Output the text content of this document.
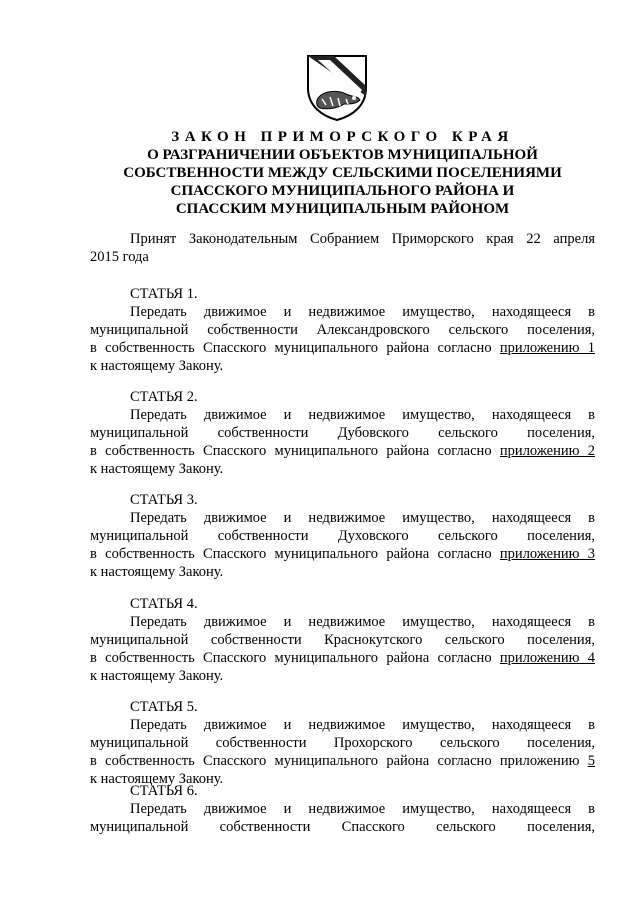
ЗАКОН ПРИМОРСКОГО КРАЯ
О РАЗГРАНИЧЕНИИ ОБЪЕКТОВ МУНИЦИПАЛЬНОЙ
СОБСТВЕННОСТИ МЕЖДУ СЕЛЬСКИМИ ПОСЕЛЕНИЯМИ
СПАССКОГО МУНИЦИПАЛЬНОГО РАЙОНА И
СПАССКИМ МУНИЦИПАЛЬНЫМ РАЙОНОМ
Принят Законодательным Собранием Приморского края 22 апреля
2015 года
СТАТЬЯ 1.
Передать движимое и недвижимое имущество, находящееся в
муниципальной собственности Александровского сельского поселения,
в собственность Спасского муниципального района согласно приложению 1
к настоящему Закону.
СТАТЬЯ 2.
Передать движимое и недвижимое имущество, находящееся в
муниципальной собственности Дубовского сельского поселения,
в собственность Спасского муниципального района согласно приложению 2
к настоящему Закону.
СТАТЬЯ 3.
Передать движимое и недвижимое имущество, находящееся в
муниципальной собственности Духовского сельского поселения,
в собственность Спасского муниципального района согласно приложению 3
к настоящему Закону.
СТАТЬЯ 4.
Передать движимое и недвижимое имущество, находящееся в
муниципальной собственности Краснокутского сельского поселения,
в собственность Спасского муниципального района согласно приложению 4
к настоящему Закону.
СТАТЬЯ 5.
Передать движимое и недвижимое имущество, находящееся в
муниципальной собственности Прохорского сельского поселения,
в собственность Спасского муниципального района согласно приложению 5
к настоящему Закону.
СТАТЬЯ 6.
Передать движимое и недвижимое имущество, находящееся в
муниципальной собственности Спасского сельского поселения,
